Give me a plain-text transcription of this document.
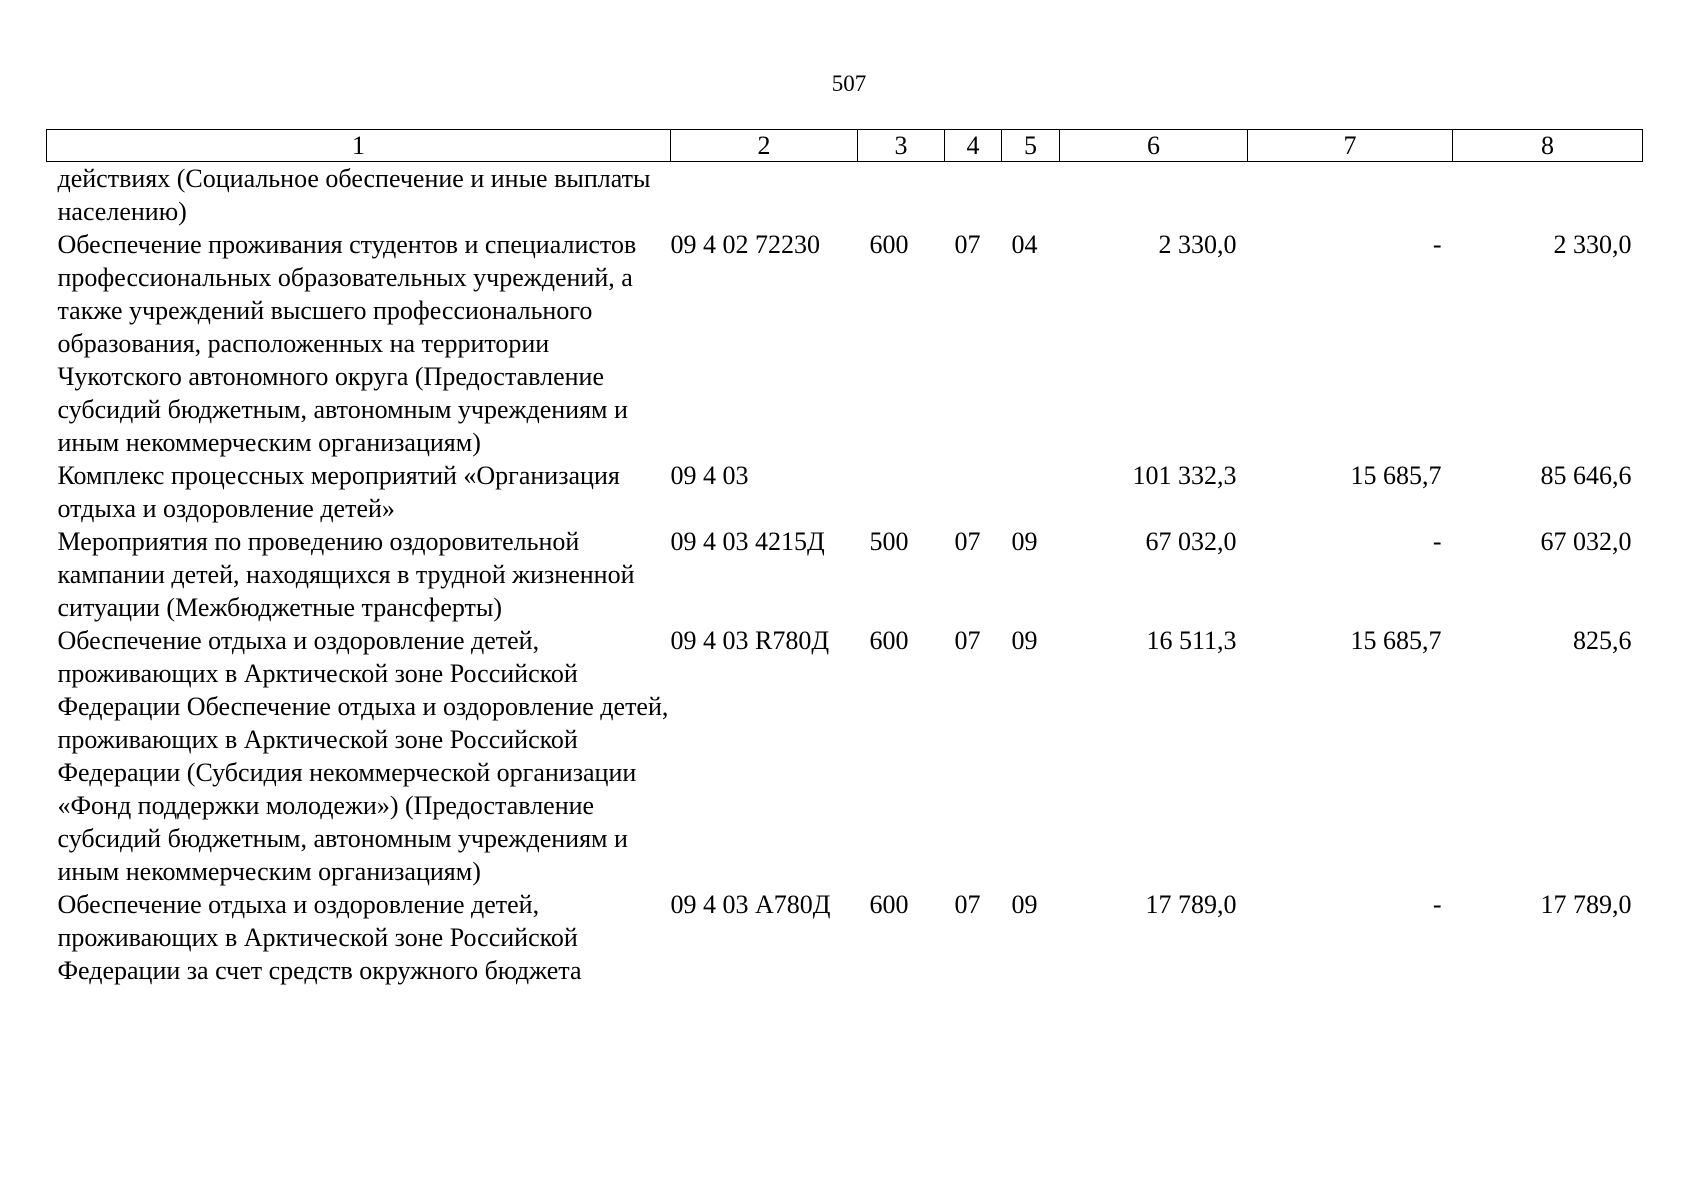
507
1	2	3	4	5	6	7	8
действиях (Социальное обеспечение и иные выплаты населению)							
Обеспечение проживания студентов и специалистов профессиональных образовательных учреждений, а также учреждений высшего профессионального образования, расположенных на территории Чукотского автономного округа (Предоставление субсидий бюджетным, автономным учреждениям и иным некоммерческим организациям)	09 4 02 72230	600	07	04	2 330,0	-	2 330,0
Комплекс процессных мероприятий «Организация отдыха и оздоровление детей»	09 4 03				101 332,3	15 685,7	85 646,6
Мероприятия по проведению оздоровительной кампании детей, находящихся в трудной жизненной ситуации (Межбюджетные трансферты)	09 4 03 4215Д	500	07	09	67 032,0	-	67 032,0
Обеспечение отдыха и оздоровление детей, проживающих в Арктической зоне Российской Федерации Обеспечение отдыха и оздоровление детей, проживающих в Арктической зоне Российской Федерации (Субсидия некоммерческой организации «Фонд поддержки молодежи») (Предоставление субсидий бюджетным, автономным учреждениям и иным некоммерческим организациям)	09 4 03 R780Д	600	07	09	16 511,3	15 685,7	825,6
Обеспечение отдыха и оздоровление детей, проживающих в Арктической зоне Российской Федерации за счет средств окружного бюджета	09 4 03 А780Д	600	07	09	17 789,0	-	17 789,0
